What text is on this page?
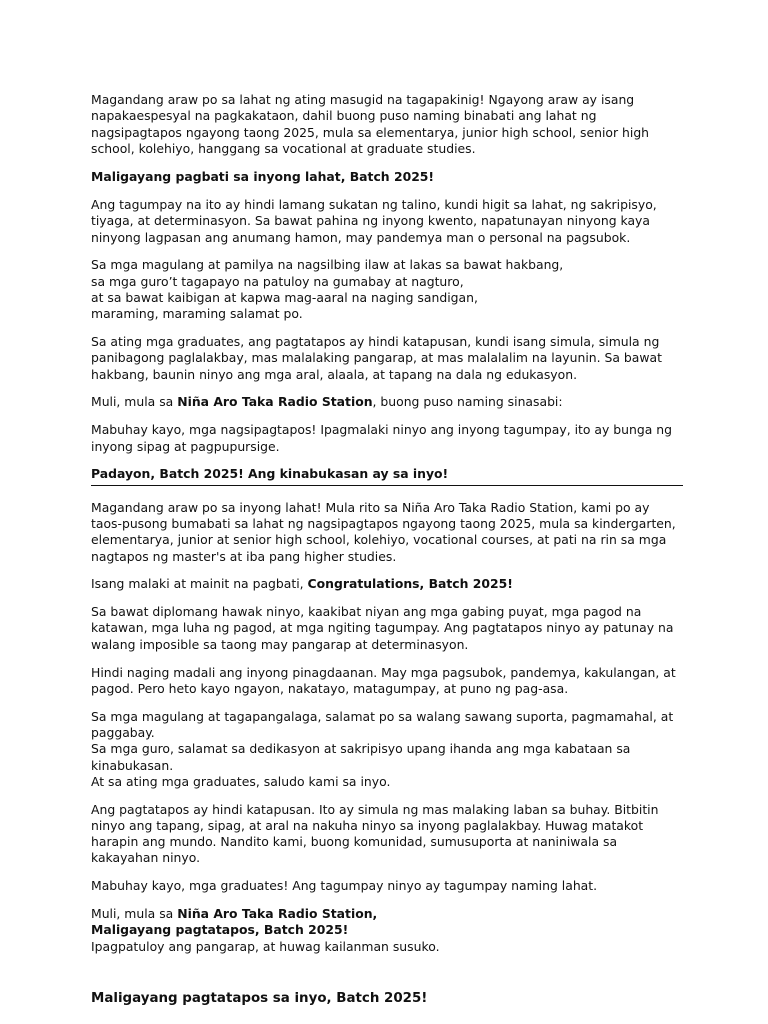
Magandang araw po sa lahat ng ating masugid na tagapakinig! Ngayong araw ay isang napakaespesyal na pagkakataon, dahil buong puso naming binabati ang lahat ng nagsipagtapos ngayong taong 2025, mula sa elementarya, junior high school, senior high school, kolehiyo, hanggang sa vocational at graduate studies.

Maligayang pagbati sa inyong lahat, Batch 2025!

Ang tagumpay na ito ay hindi lamang sukatan ng talino, kundi higit sa lahat, ng sakripisyo, tiyaga, at determinasyon. Sa bawat pahina ng inyong kwento, napatunayan ninyong kaya ninyong lagpasan ang anumang hamon, may pandemya man o personal na pagsubok.

Sa mga magulang at pamilya na nagsilbing ilaw at lakas sa bawat hakbang,
sa mga guro’t tagapayo na patuloy na gumabay at nagturo,
at sa bawat kaibigan at kapwa mag-aaral na naging sandigan,
maraming, maraming salamat po.

Sa ating mga graduates, ang pagtatapos ay hindi katapusan, kundi isang simula, simula ng panibagong paglalakbay, mas malalaking pangarap, at mas malalalim na layunin. Sa bawat hakbang, baunin ninyo ang mga aral, alaala, at tapang na dala ng edukasyon.

Muli, mula sa Niña Aro Taka Radio Station, buong puso naming sinasabi:

Mabuhay kayo, mga nagsipagtapos! Ipagmalaki ninyo ang inyong tagumpay, ito ay bunga ng inyong sipag at pagpupursige.

Padayon, Batch 2025! Ang kinabukasan ay sa inyo!

Magandang araw po sa inyong lahat! Mula rito sa Niña Aro Taka Radio Station, kami po ay taos-pusong bumabati sa lahat ng nagsipagtapos ngayong taong 2025, mula sa kindergarten, elementarya, junior at senior high school, kolehiyo, vocational courses, at pati na rin sa mga nagtapos ng master's at iba pang higher studies.

Isang malaki at mainit na pagbati, Congratulations, Batch 2025!

Sa bawat diplomang hawak ninyo, kaakibat niyan ang mga gabing puyat, mga pagod na katawan, mga luha ng pagod, at mga ngiting tagumpay. Ang pagtatapos ninyo ay patunay na walang imposible sa taong may pangarap at determinasyon.

Hindi naging madali ang inyong pinagdaanan. May mga pagsubok, pandemya, kakulangan, at pagod. Pero heto kayo ngayon, nakatayo, matagumpay, at puno ng pag-asa.

Sa mga magulang at tagapangalaga, salamat po sa walang sawang suporta, pagmamahal, at paggabay.
Sa mga guro, salamat sa dedikasyon at sakripisyo upang ihanda ang mga kabataan sa kinabukasan.
At sa ating mga graduates, saludo kami sa inyo.

Ang pagtatapos ay hindi katapusan. Ito ay simula ng mas malaking laban sa buhay. Bitbitin ninyo ang tapang, sipag, at aral na nakuha ninyo sa inyong paglalakbay. Huwag matakot harapin ang mundo. Nandito kami, buong komunidad, sumusuporta at naniniwala sa kakayahan ninyo.

Mabuhay kayo, mga graduates! Ang tagumpay ninyo ay tagumpay naming lahat.

Muli, mula sa Niña Aro Taka Radio Station,
Maligayang pagtatapos, Batch 2025!
Ipagpatuloy ang pangarap, at huwag kailanman susuko.

Maligayang pagtatapos sa inyo, Batch 2025!
